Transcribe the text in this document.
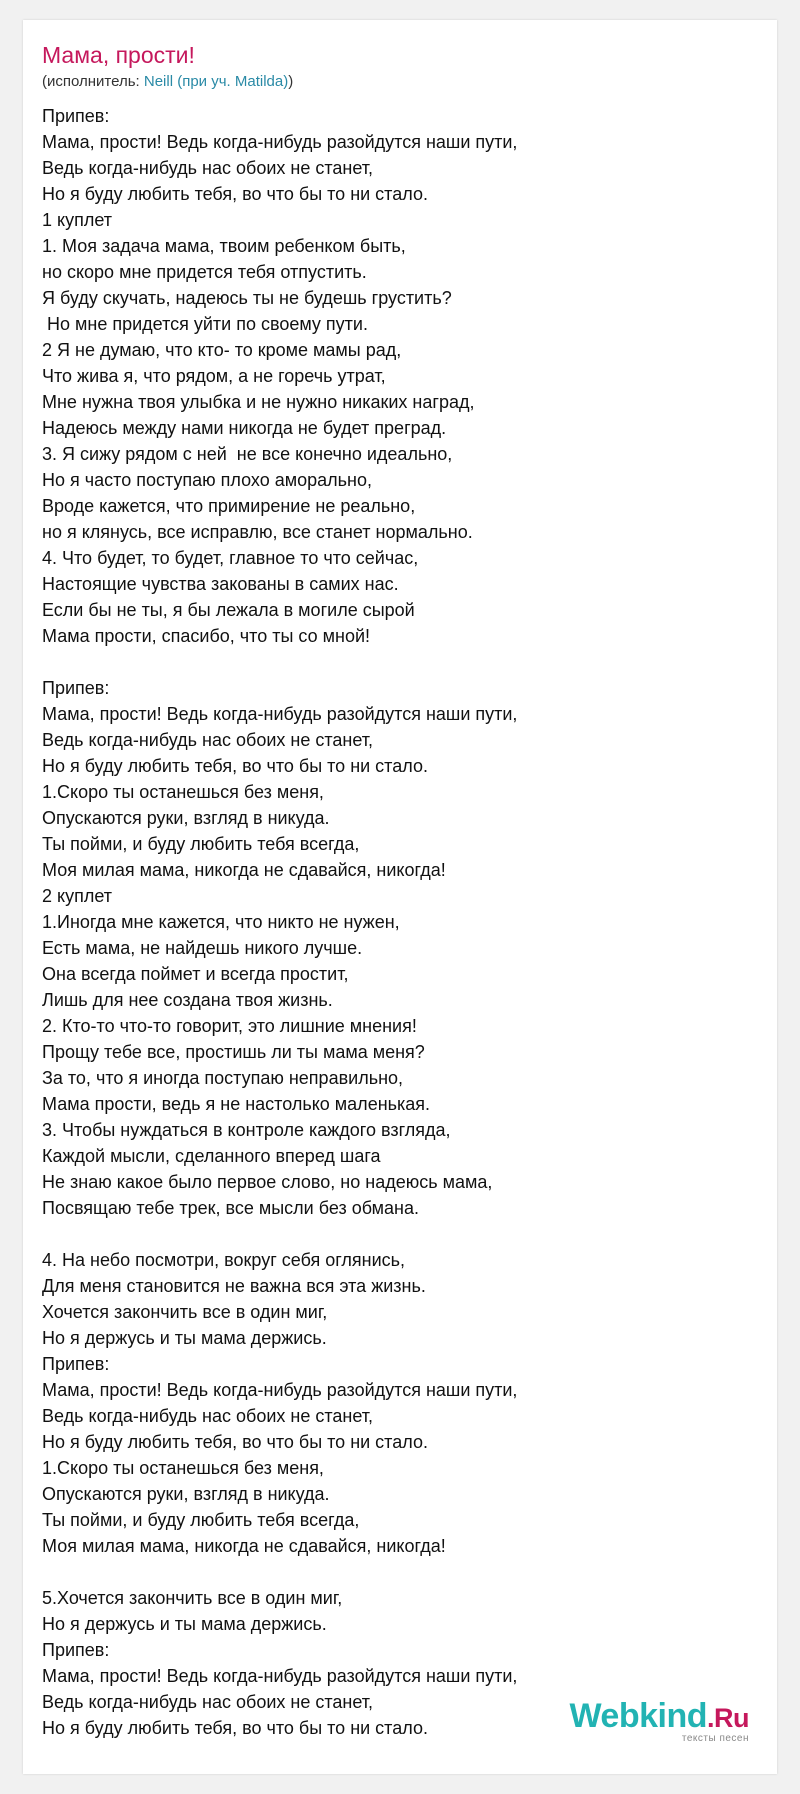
Мама, прости!
(исполнитель: Neill (при уч. Matilda))
Припев:
Мама, прости! Ведь когда-нибудь разойдутся наши пути,
Ведь когда-нибудь нас обоих не станет,
Но я буду любить тебя, во что бы то ни стало.
1 куплет
1. Моя задача мама, твоим ребенком быть,
но скоро мне придется тебя отпустить.
Я буду скучать, надеюсь ты не будешь грустить?
Но мне придется уйти по своему пути.
2 Я не думаю, что кто- то кроме мамы рад,
Что жива я, что рядом, а не горечь утрат,
Мне нужна твоя улыбка и не нужно никаких наград,
Надеюсь между нами никогда не будет преград.
3. Я сижу рядом с ней  не все конечно идеально,
Но я часто поступаю плохо аморально,
Вроде кажется, что примирение не реально,
но я клянусь, все исправлю, все станет нормально.
4. Что будет, то будет, главное то что сейчас,
Настоящие чувства закованы в самих нас.
Если бы не ты, я бы лежала в могиле сырой
Мама прости, спасибо, что ты со мной!
Припев:
Мама, прости! Ведь когда-нибудь разойдутся наши пути,
Ведь когда-нибудь нас обоих не станет,
Но я буду любить тебя, во что бы то ни стало.
1.Скоро ты останешься без меня,
Опускаются руки, взгляд в никуда.
Ты пойми, и буду любить тебя всегда,
Моя милая мама, никогда не сдавайся, никогда!
2 куплет
1.Иногда мне кажется, что никто не нужен,
Есть мама, не найдешь никого лучше.
Она всегда поймет и всегда простит,
Лишь для нее создана твоя жизнь.
2. Кто-то что-то говорит, это лишние мнения!
Прощу тебе все, простишь ли ты мама меня?
За то, что я иногда поступаю неправильно,
Мама прости, ведь я не настолько маленькая.
3. Чтобы нуждаться в контроле каждого взгляда,
Каждой мысли, сделанного вперед шага
Не знаю какое было первое слово, но надеюсь мама,
Посвящаю тебе трек, все мысли без обмана.
4. На небо посмотри, вокруг себя оглянись,
Для меня становится не важна вся эта жизнь.
Хочется закончить все в один миг,
Но я держусь и ты мама держись.
Припев:
Мама, прости! Ведь когда-нибудь разойдутся наши пути,
Ведь когда-нибудь нас обоих не станет,
Но я буду любить тебя, во что бы то ни стало.
1.Скоро ты останешься без меня,
Опускаются руки, взгляд в никуда.
Ты пойми, и буду любить тебя всегда,
Моя милая мама, никогда не сдавайся, никогда!
5.Хочется закончить все в один миг,
Но я держусь и ты мама держись.
Припев:
Мама, прости! Ведь когда-нибудь разойдутся наши пути,
Ведь когда-нибудь нас обоих не станет,
Но я буду любить тебя, во что бы то ни стало.	Webkind.Ru
тексты песен
